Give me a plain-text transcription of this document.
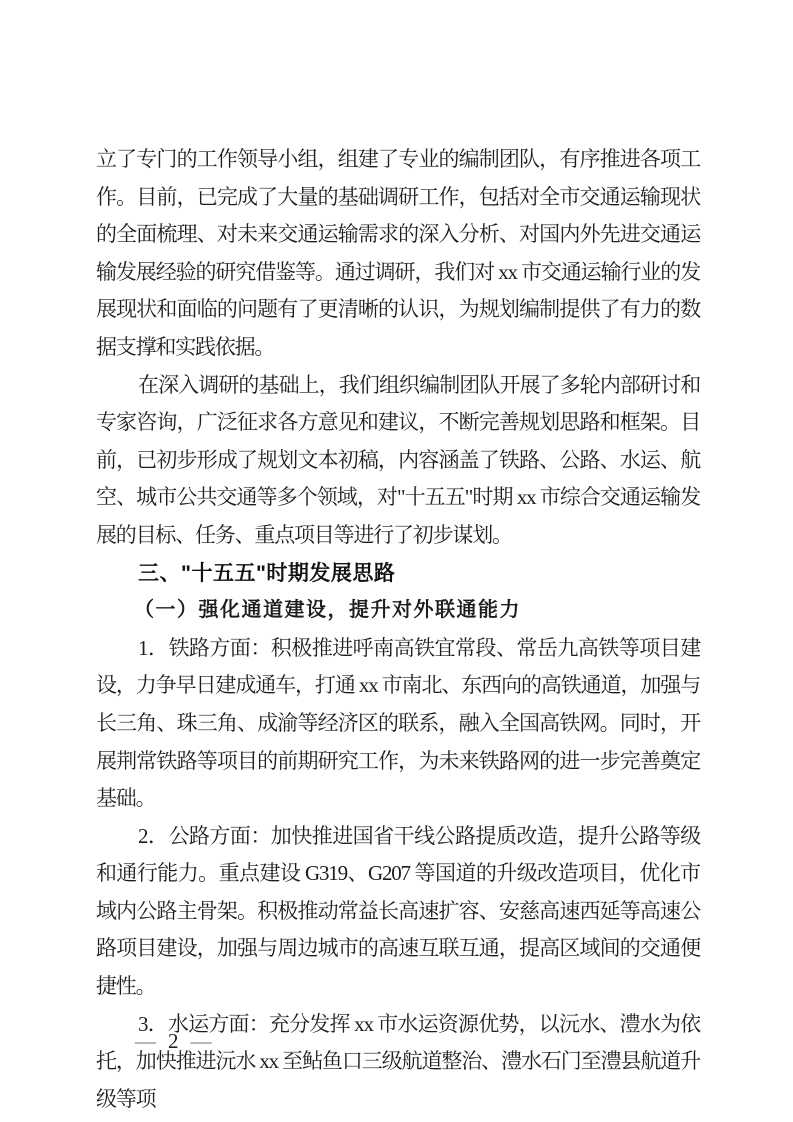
立了专门的工作领导小组，组建了专业的编制团队，有序推进各项工作。目前，已完成了大量的基础调研工作，包括对全市交通运输现状的全面梳理、对未来交通运输需求的深入分析、对国内外先进交通运输发展经验的研究借鉴等。通过调研，我们对 xx 市交通运输行业的发展现状和面临的问题有了更清晰的认识，为规划编制提供了有力的数据支撑和实践依据。

在深入调研的基础上，我们组织编制团队开展了多轮内部研讨和专家咨询，广泛征求各方意见和建议，不断完善规划思路和框架。目前，已初步形成了规划文本初稿，内容涵盖了铁路、公路、水运、航空、城市公共交通等多个领域，对"十五五"时期 xx 市综合交通运输发展的目标、任务、重点项目等进行了初步谋划。

三、"十五五"时期发展思路
（一）强化通道建设，提升对外联通能力

1．铁路方面：积极推进呼南高铁宜常段、常岳九高铁等项目建设，力争早日建成通车，打通 xx 市南北、东西向的高铁通道，加强与长三角、珠三角、成渝等经济区的联系，融入全国高铁网。同时，开展荆常铁路等项目的前期研究工作，为未来铁路网的进一步完善奠定基础。

2．公路方面：加快推进国省干线公路提质改造，提升公路等级和通行能力。重点建设 G319、G207 等国道的升级改造项目，优化市域内公路主骨架。积极推动常益长高速扩容、安慈高速西延等高速公路项目建设，加强与周边城市的高速互联互通，提高区域间的交通便捷性。

3．水运方面：充分发挥 xx 市水运资源优势，以沅水、澧水为依托，加快推进沅水 xx 至鲇鱼口三级航道整治、澧水石门至澧县航道升级等项

— 2 —
